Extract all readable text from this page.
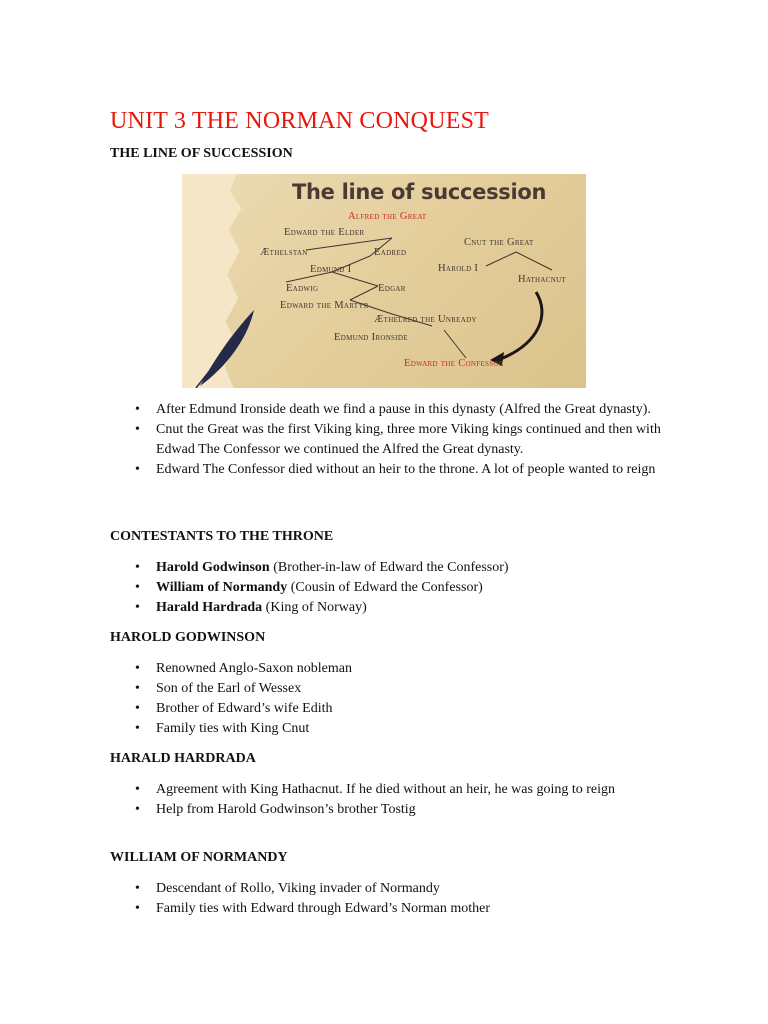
UNIT 3 THE NORMAN CONQUEST
THE LINE OF SUCCESSION
The line of succession
Alfred the Great
Edward the Elder
Æthelstan	Eadred
Edmund I
Eadwig	Edgar
Edward the Martyr
Æthelred the Unready
Edmund Ironside
Edward the Confessor
Cnut the Great
Harold I
Hathacnut
• After Edmund Ironside death we find a pause in this dynasty (Alfred the Great dynasty).
• Cnut the Great was the first Viking king, three more Viking kings continued and then with Edwad The Confessor we continued the Alfred the Great dynasty.
• Edward The Confessor died without an heir to the throne. A lot of people wanted to reign
CONTESTANTS TO THE THRONE
• Harold Godwinson (Brother-in-law of Edward the Confessor)
• William of Normandy (Cousin of Edward the Confessor)
• Harald Hardrada (King of Norway)
HAROLD GODWINSON
• Renowned Anglo-Saxon nobleman
• Son of the Earl of Wessex
• Brother of Edward’s wife Edith
• Family ties with King Cnut
HARALD HARDRADA
• Agreement with King Hathacnut. If he died without an heir, he was going to reign
• Help from Harold Godwinson’s brother Tostig
WILLIAM OF NORMANDY
• Descendant of Rollo, Viking invader of Normandy
• Family ties with Edward through Edward’s Norman mother
